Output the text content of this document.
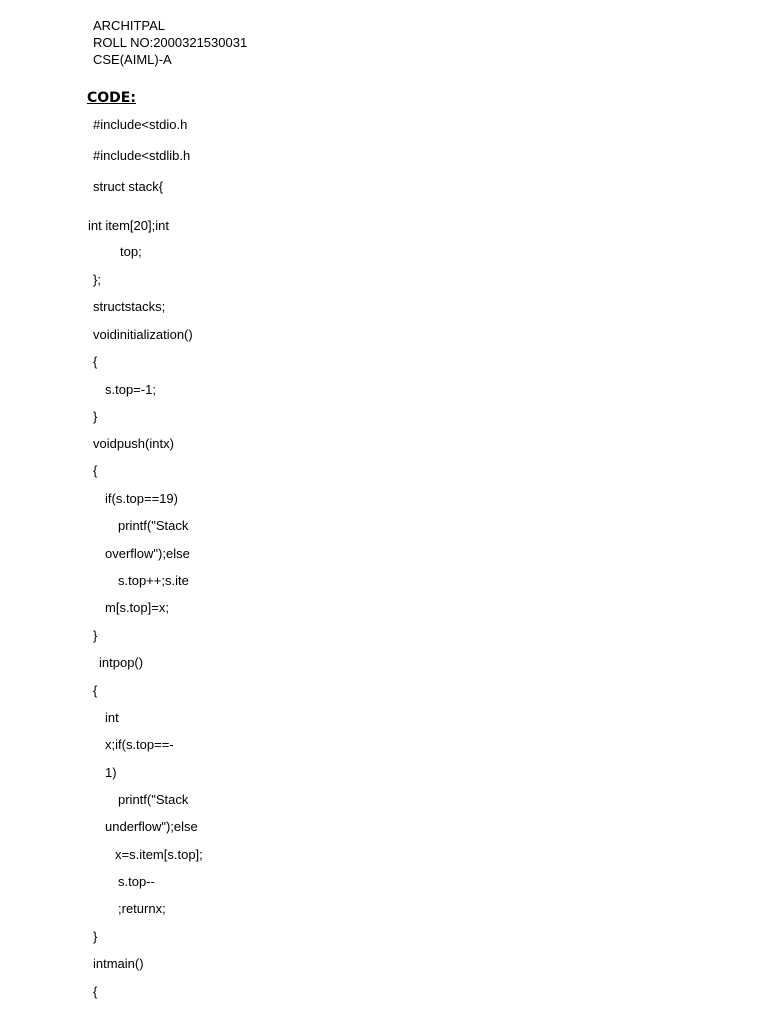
ARCHITPAL
ROLL NO:2000321530031
CSE(AIML)-A
CODE:
#include<stdio.h
#include<stdlib.h
struct stack{
int item[20];int
top;
};
structstacks;
voidinitialization()
{
s.top=-1;
}
voidpush(intx)
{
if(s.top==19)
printf("Stack
overflow");else
s.top++;s.ite
m[s.top]=x;
}
intpop()
{
int
x;if(s.top==-
1)
printf("Stack
underflow");else
x=s.item[s.top];
s.top--
;returnx;
}
intmain()
{
